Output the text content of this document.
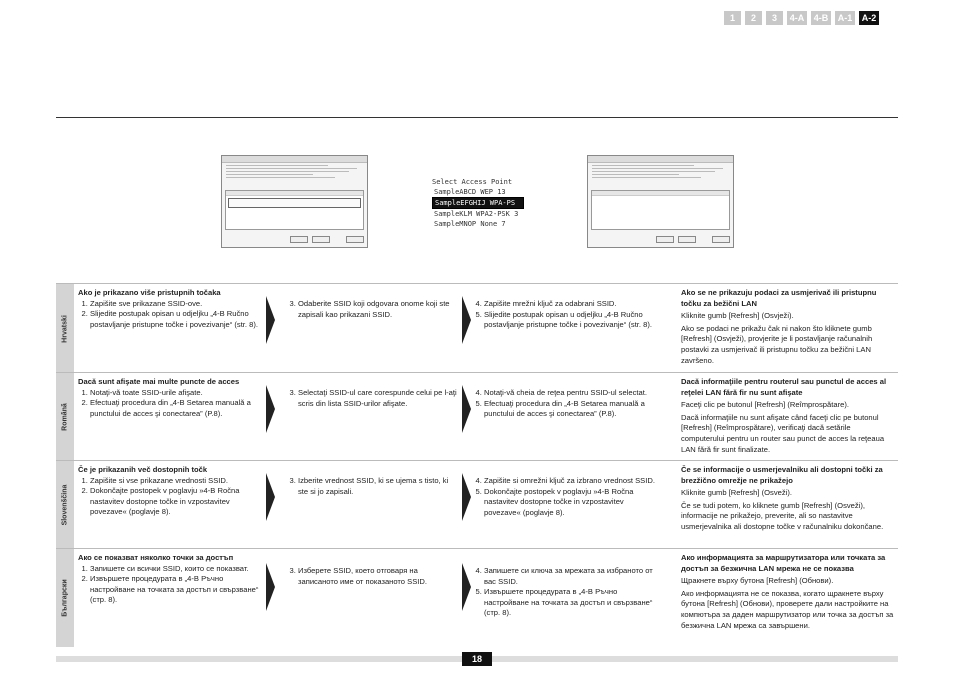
1	2	3	4-A	4-B	A-1	A-2
Select Access Point
SampleABCD WEP 13
SampleEFGHIJ WPA-PS
SampleKLM WPA2-PSK 3
SampleMNOP None 7
Hrvatski
Ako je prikazano više pristupnih točaka
1. Zapišite sve prikazane SSID-ove.
2. Slijedite postupak opisan u odjeljku „4-B Ručno postavljanje pristupne točke i povezivanje“ (str. 8).
3. Odaberite SSID koji odgovara onome koji ste zapisali kao prikazani SSID.
4. Zapišite mrežni ključ za odabrani SSID.
5. Slijedite postupak opisan u odjeljku „4-B Ručno postavljanje pristupne točke i povezivanje“ (str. 8).

Ako se ne prikazuju podaci za usmjerivač ili pristupnu točku za bežični LAN

Kliknite gumb [Refresh] (Osvježi).

Ako se podaci ne prikažu čak ni nakon što kliknete gumb [Refresh] (Osvježi), provjerite je li postavljanje računalnih postavki za usmjerivač ili pristupnu točku za bežični LAN završeno.

Română
Dacă sunt afişate mai multe puncte de acces
1. Notaţi-vă toate SSID-urile afişate.
2. Efectuaţi procedura din „4-B Setarea manuală a punctului de acces şi conectarea” (P.8).
3. Selectaţi SSID-ul care corespunde celui pe l-aţi scris din lista SSID-urilor afişate.
4. Notaţi-vă cheia de reţea pentru SSID-ul selectat.
5. Efectuaţi procedura din „4-B Setarea manuală a punctului de acces şi conectarea” (P.8).

Dacă informaţiile pentru routerul sau punctul de acces al reţelei LAN fără fir nu sunt afişate

Faceţi clic pe butonul [Refresh] (Reîmprospătare).

Dacă informaţiile nu sunt afişate când faceţi clic pe butonul [Refresh] (Reîmprospătare), verificaţi dacă setările computerului pentru un router sau punct de acces la reţeaua LAN fără fir sunt finalizate.

Slovenščina
Če je prikazanih več dostopnih točk
1. Zapišite si vse prikazane vrednosti SSID.
2. Dokončajte postopek v poglavju »4-B Ročna nastavitev dostopne točke in vzpostavitev povezave« (poglavje 8).
3. Izberite vrednost SSID, ki se ujema s tisto, ki ste si jo zapisali.
4. Zapišite si omrežni ključ za izbrano vrednost SSID.
5. Dokončajte postopek v poglavju »4-B Ročna nastavitev dostopne točke in vzpostavitev povezave« (poglavje 8).

Če se informacije o usmerjevalniku ali dostopni točki za brezžično omrežje ne prikažejo

Kliknite gumb [Refresh] (Osveži).

Če se tudi potem, ko kliknete gumb [Refresh] (Osveži), informacije ne prikažejo, preverite, ali so nastavitve usmerjevalnika ali dostopne točke v računalniku dokončane.

Български
Ако се показват няколко точки за достъп
1. Запишете си всички SSID, които се показват.
2. Извършете процедурата в „4-B Ръчно настройване на точката за достъп и свързване“ (стр. 8).
3. Изберете SSID, което отговаря на записаното име от показаното SSID.
4. Запишете си ключа за мрежата за избраното от вас SSID.
5. Извършете процедурата в „4-B Ръчно настройване на точката за достъп и свързване“ (стр. 8).

Ако информацията за маршрутизатора или точката за достъп за безжична LAN мрежа не се показва

Щракнете върху бутона [Refresh] (Обнови).

Ако информацията не се показва, когато щракнете върху бутона [Refresh] (Обнови), проверете дали настройките на компютъра за даден маршрутизатор или точка за достъп за безжична LAN мрежа са завършени.

18
